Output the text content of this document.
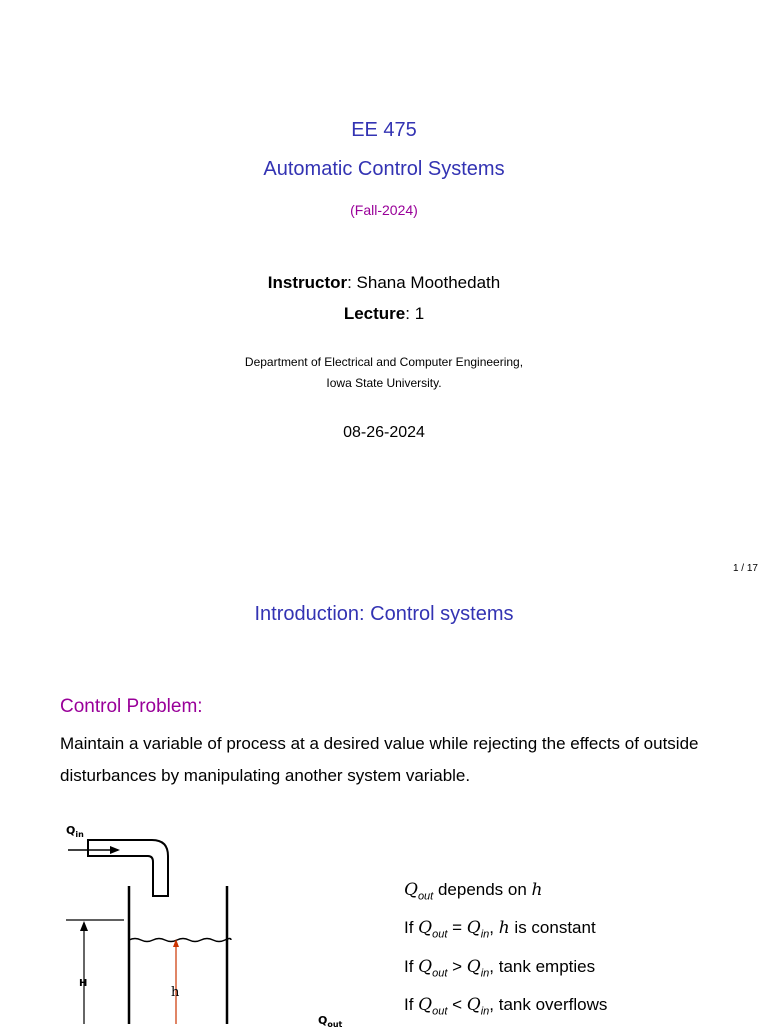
EE 475
Automatic Control Systems
(Fall-2024)
Instructor: Shana Moothedath
Lecture: 1
Department of Electrical and Computer Engineering,
Iowa State University.
08-26-2024
1 / 17
Introduction: Control systems
Control Problem:
Maintain a variable of process at a desired value while rejecting the effects of outside disturbances by manipulating another system variable.
$Q_{in}$
H
h
$Q_{out}$
$Q_{out}$ depends on h
If $Q_{out} = Q_{in}$, h is constant
If $Q_{out} > Q_{in}$, tank empties
If $Q_{out} < Q_{in}$, tank overflows
